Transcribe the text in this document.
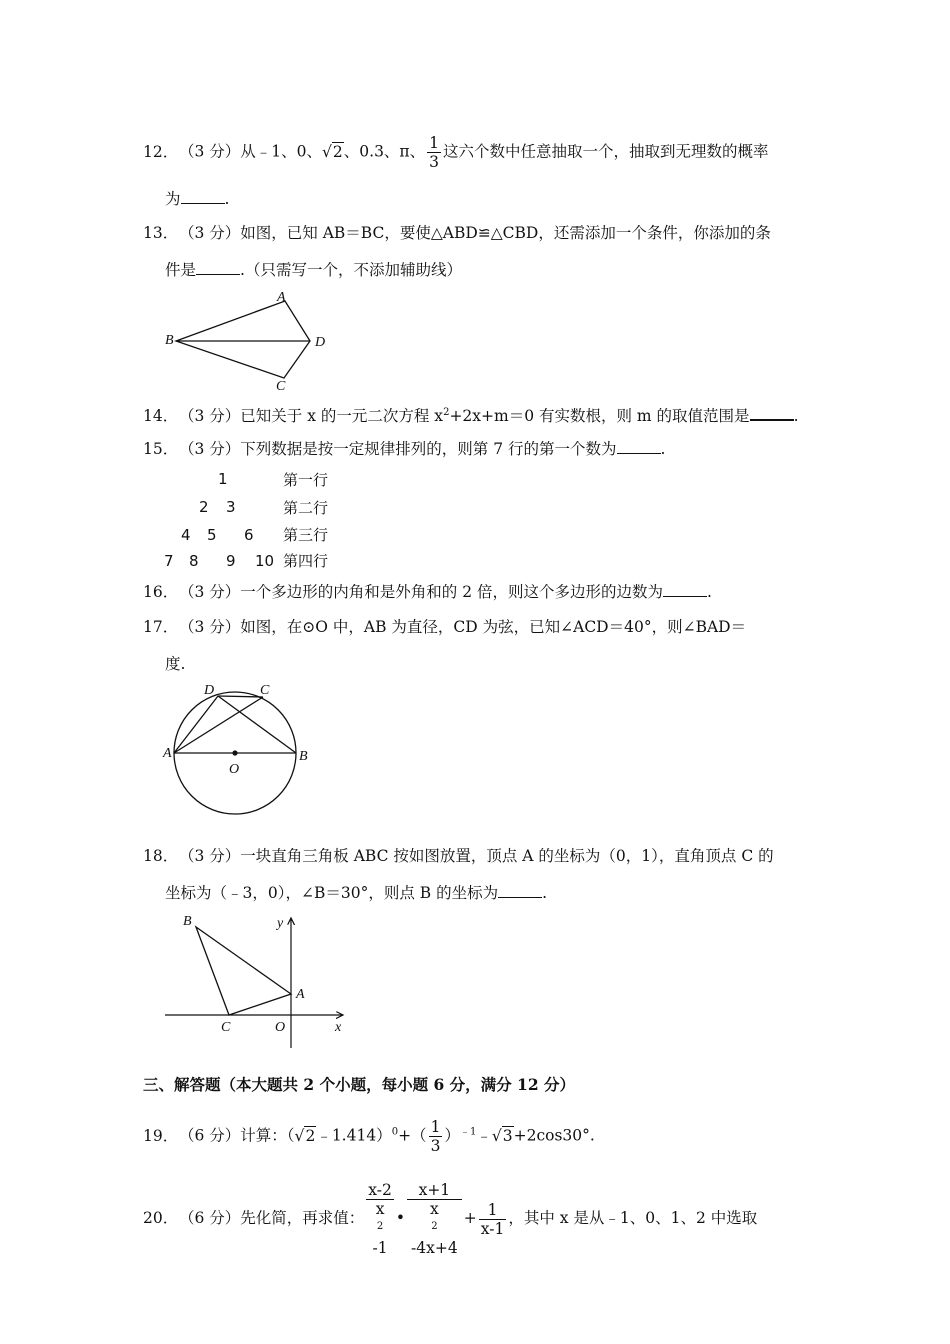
12．（3 分）从﹣1、0、√2、0.3、π、 $\frac{1}{3}$ 这六个数中任意抽取一个，抽取到无理数的概率
为	.
13．（3 分）如图，已知 AB＝BC，要使△ABD≌△CBD，还需添加一个条件，你添加的条
件是	.（只需写一个，不添加辅助线）
A
B
C
D
14．（3 分）已知关于 x 的一元二次方程 $x^2+2x+m=0$ 有实数根，则 m 的取值范围是	.
15．（3 分）下列数据是按一定规律排列的，则第 7 行的第一个数为	.
1	第一行
2 3	第二行
4 5 6 第三行
7 8 9 10 第四行
16．（3 分）一个多边形的内角和是外角和的 2 倍，则这个多边形的边数为	.
17．（3 分）如图，在⊙O 中，AB 为直径，CD 为弦，已知∠ACD＝40°，则∠BAD＝
度.
A	B
C
D
O
18．（3 分）一块直角三角板 ABC 按如图放置，顶点 A 的坐标为（0，1），直角顶点 C 的
坐标为（﹣3，0），∠B＝30°，则点 B 的坐标为	.
B
C
A
O	x
y
三、解答题（本大题共 2 个小题，每小题 6 分，满分 12 分）
19．（6 分）计算：（√2﹣1.414）$^0$+（ $\frac{1}{3}$ ）$^{﹣1}$﹣√3+2cos30°.
20．（6 分）先化简，再求值： x-2
x
$^2$
-1 • x+1
x
$^2$
$-4x+4 + \frac{1}{x-1}$ ，其中 x 是从﹣1、0、1、2 中选取
